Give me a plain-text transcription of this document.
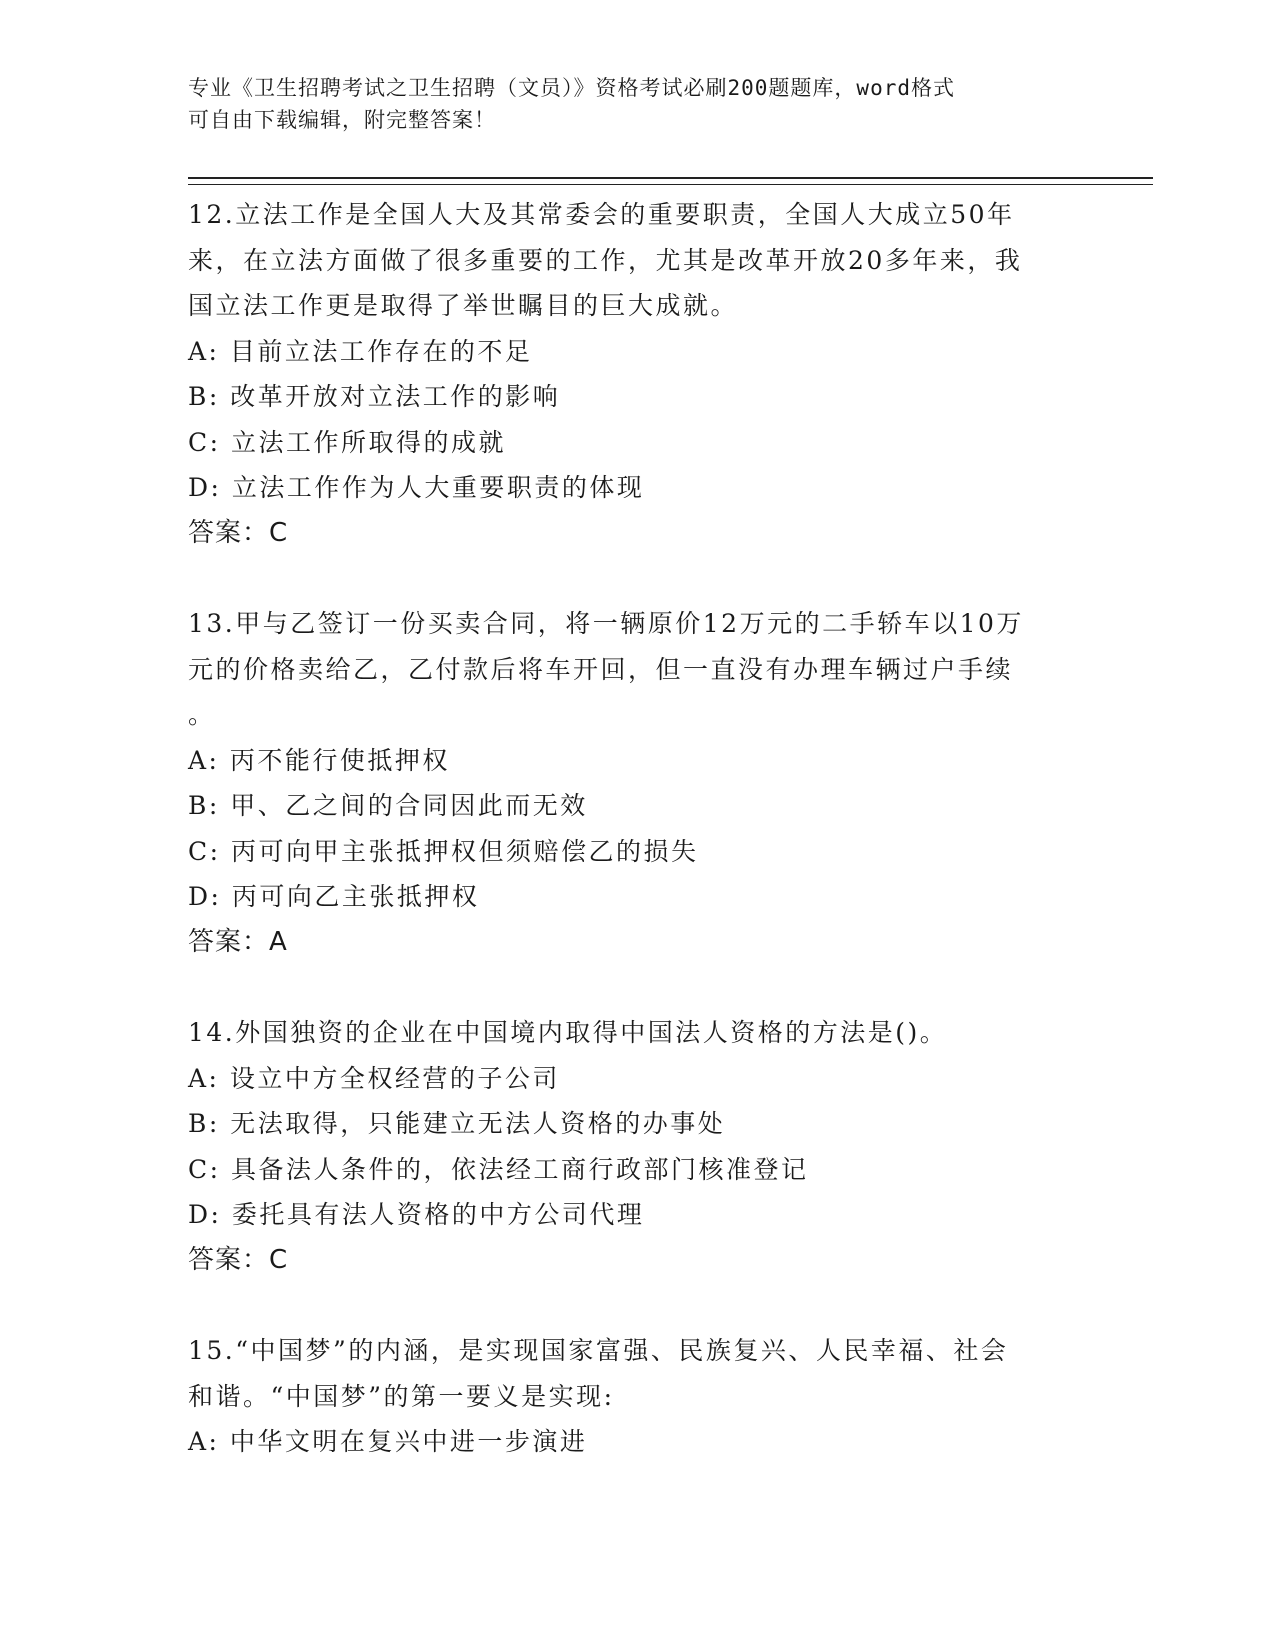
专业《卫生招聘考试之卫生招聘（文员）》资格考试必刷200题题库，word格式
可自由下载编辑，附完整答案！
12.立法工作是全国人大及其常委会的重要职责，全国人大成立50年
来，在立法方面做了很多重要的工作，尤其是改革开放20多年来，我
国立法工作更是取得了举世瞩目的巨大成就。
A: 目前立法工作存在的不足
B: 改革开放对立法工作的影响
C: 立法工作所取得的成就
D: 立法工作作为人大重要职责的体现
答案：C
13.甲与乙签订一份买卖合同，将一辆原价12万元的二手轿车以10万
元的价格卖给乙，乙付款后将车开回，但一直没有办理车辆过户手续
。
A: 丙不能行使抵押权
B: 甲、乙之间的合同因此而无效
C: 丙可向甲主张抵押权但须赔偿乙的损失
D: 丙可向乙主张抵押权
答案：A
14.外国独资的企业在中国境内取得中国法人资格的方法是()。
A: 设立中方全权经营的子公司
B: 无法取得，只能建立无法人资格的办事处
C: 具备法人条件的，依法经工商行政部门核准登记
D: 委托具有法人资格的中方公司代理
答案：C
15.“中国梦”的内涵，是实现国家富强、民族复兴、人民幸福、社会
和谐。“中国梦”的第一要义是实现:
A: 中华文明在复兴中进一步演进
